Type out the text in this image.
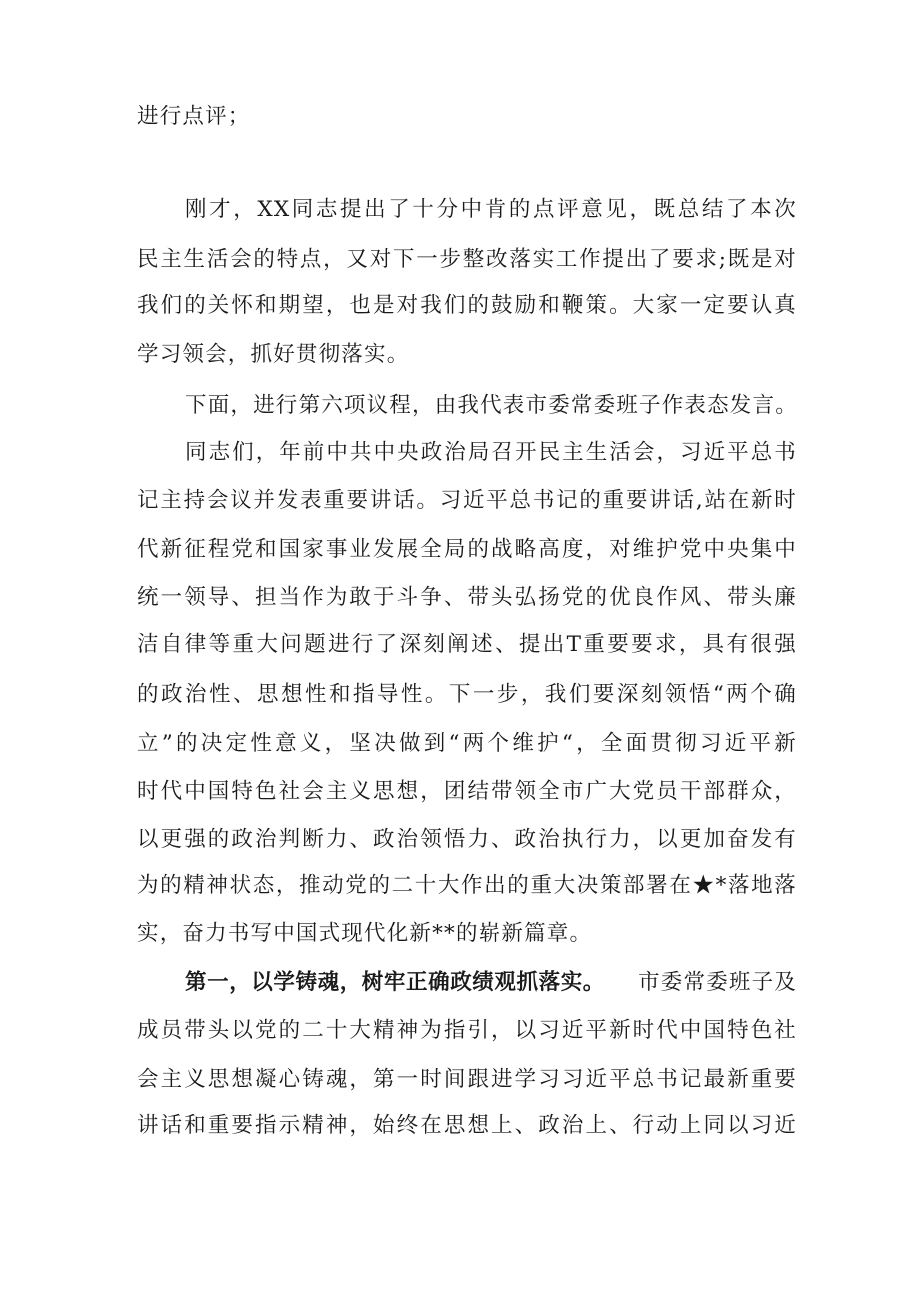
进行点评；
刚才，XX同志提出了十分中肯的点评意见，既总结了本次
民主生活会的特点，又对下一步整改落实工作提出了要求;既是对
我们的关怀和期望，也是对我们的鼓励和鞭策。大家一定要认真
学习领会，抓好贯彻落实。
下面，进行第六项议程，由我代表市委常委班子作表态发言。
同志们，年前中共中央政治局召开民主生活会，习近平总书
记主持会议并发表重要讲话。习近平总书记的重要讲话,站在新时
代新征程党和国家事业发展全局的战略高度，对维护党中央集中
统一领导、担当作为敢于斗争、带头弘扬党的优良作风、带头廉
洁自律等重大问题进行了深刻阐述、提出T重要要求，具有很强
的政治性、思想性和指导性。下一步，我们要深刻领悟“两个确
立”的决定性意义，坚决做到“两个维护“，全面贯彻习近平新
时代中国特色社会主义思想，团结带领全市广大党员干部群众，
以更强的政治判断力、政治领悟力、政治执行力，以更加奋发有
为的精神状态，推动党的二十大作出的重大决策部署在★*落地落
实，奋力书写中国式现代化新**的崭新篇章。
第一，以学铸魂，树牢正确政绩观抓落实。 市委常委班子及
成员带头以党的二十大精神为指引，以习近平新时代中国特色社
会主义思想凝心铸魂，第一时间跟进学习习近平总书记最新重要
讲话和重要指示精神，始终在思想上、政治上、行动上同以习近
